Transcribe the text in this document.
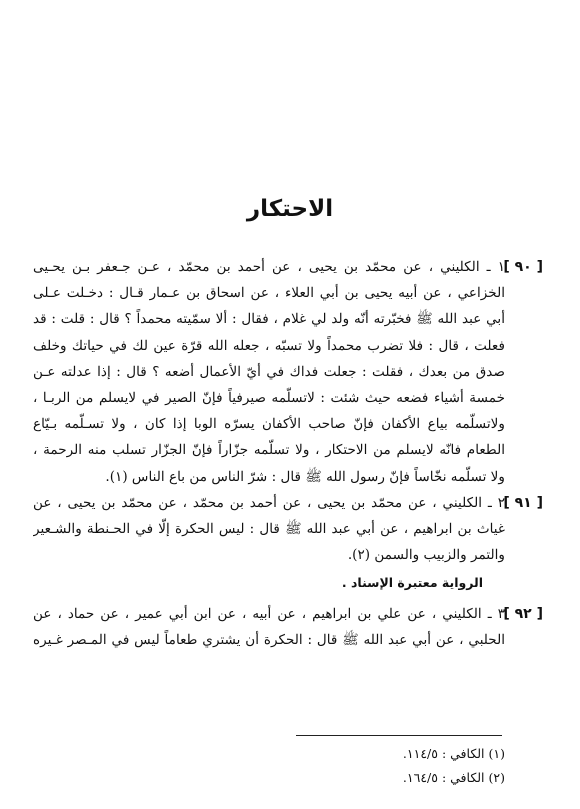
الاحتكار
[ ٩٠ ]
١ ـ الكليني ، عن محمّد بن يحيى ، عن أحمد بن محمّد ، عـن جـعفر بـن يحـيى
الخزاعي ، عن أبيه يحيى بن أبي العلاء ، عن اسحاق بن عـمار قـال : دخـلت عـلى
أبي عبد الله ﷺ فخبّرته أنّه ولد لي غلام ، فقال : ألا سمّيته محمداً ؟ قال : قلت : قد
فعلت ، قال : فلا تضرب محمداً ولا تسبّه ، جعله الله قرّة عين لك في حياتك وخلف
صدق من بعدك ، فقلت : جعلت فداك في أيّ الأعمال أضعه ؟ قال : إذا عدلته عـن
خمسة أشياء فضعه حيث شئت : لاتسلّمه صيرفياً فإنّ الصير في لايسلم من الربـا ،
ولاتسلّمه بياع الأكفان فإنّ صاحب الأكفان يسرّه الوبا إذا كان ، ولا تسـلّمه بـيّاع
الطعام فانّه لايسلم من الاحتكار ، ولا تسلّمه جزّاراً فإنّ الجزّار تسلب منه الرحمة ،
ولا تسلّمه نخّاساً فإنّ رسول الله ﷺ قال : شرّ الناس من باع الناس (١).
[ ٩١ ]
٢ ـ الكليني ، عن محمّد بن يحيى ، عن أحمد بن محمّد ، عن محمّد بن يحيى ، عن
غياث بن ابراهيم ، عن أبي عبد الله ﷺ قال : ليس الحكرة إلّا في الحـنطة والشـعير
والتمر والزبيب والسمن (٢).
الرواية معتبرة الإسناد .
[ ٩٢ ]
٣ ـ الكليني ، عن علي بن ابراهيم ، عن أبيه ، عن ابن أبي عمير ، عن حماد ، عن
الحلبي ، عن أبي عبد الله ﷺ قال : الحكرة أن يشتري طعاماً ليس في المـصر غـيره
(١) الكافي : ١١٤/٥.
(٢) الكافي : ١٦٤/٥.
